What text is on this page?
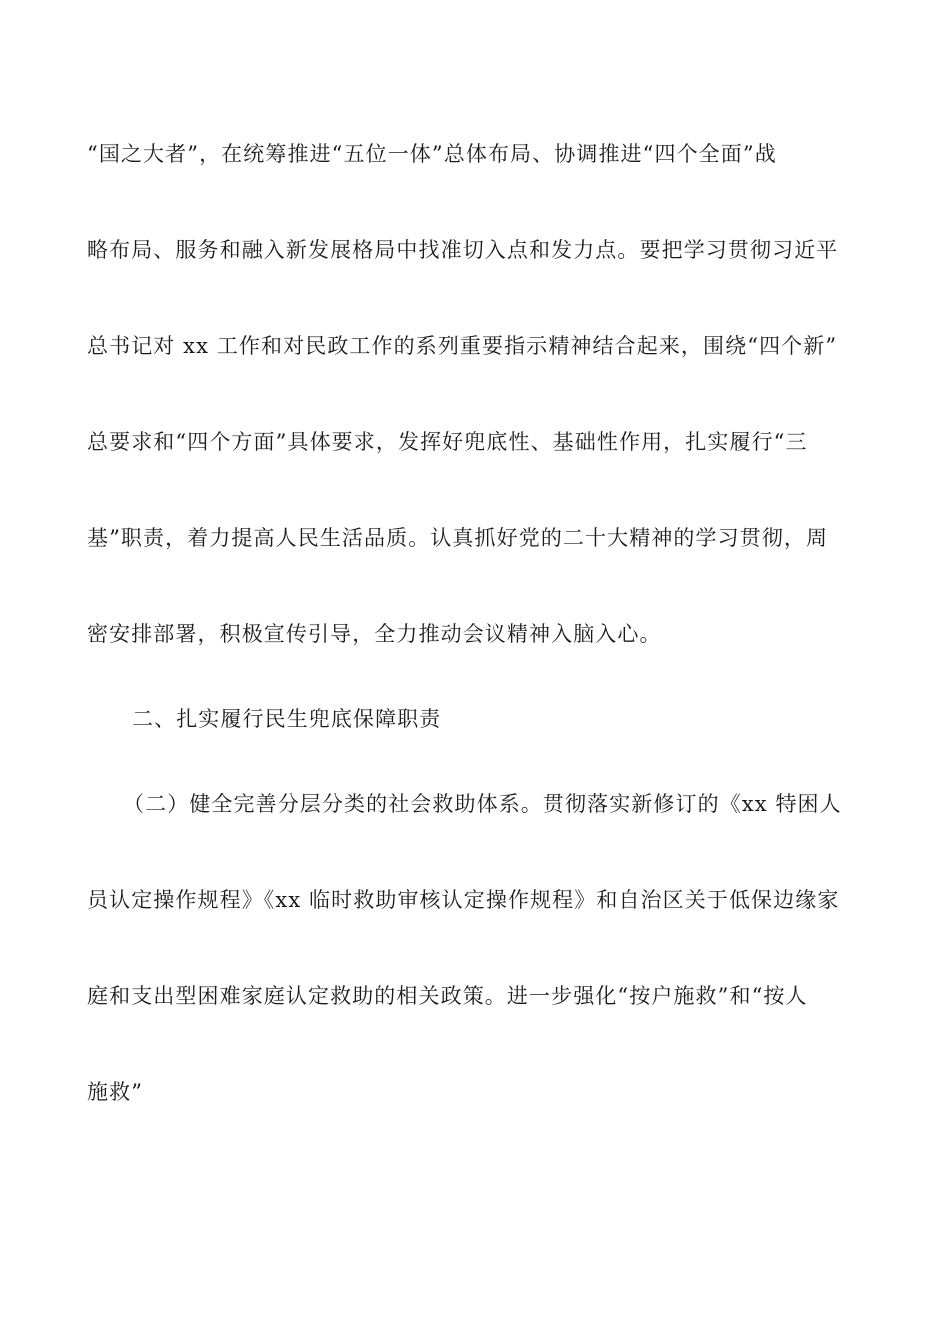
“国之大者”，在统筹推进“五位一体”总体布局、协调推进“四个全面”战
略布局、服务和融入新发展格局中找准切入点和发力点。要把学习贯彻习近平
总书记对 xx 工作和对民政工作的系列重要指示精神结合起来，围绕“四个新”
总要求和“四个方面”具体要求，发挥好兜底性、基础性作用，扎实履行“三
基”职责，着力提高人民生活品质。认真抓好党的二十大精神的学习贯彻，周
密安排部署，积极宣传引导，全力推动会议精神入脑入心。
二、扎实履行民生兜底保障职责
（二）健全完善分层分类的社会救助体系。贯彻落实新修订的《xx 特困人
员认定操作规程》《xx 临时救助审核认定操作规程》和自治区关于低保边缘家
庭和支出型困难家庭认定救助的相关政策。进一步强化“按户施救”和“按人
施救”
